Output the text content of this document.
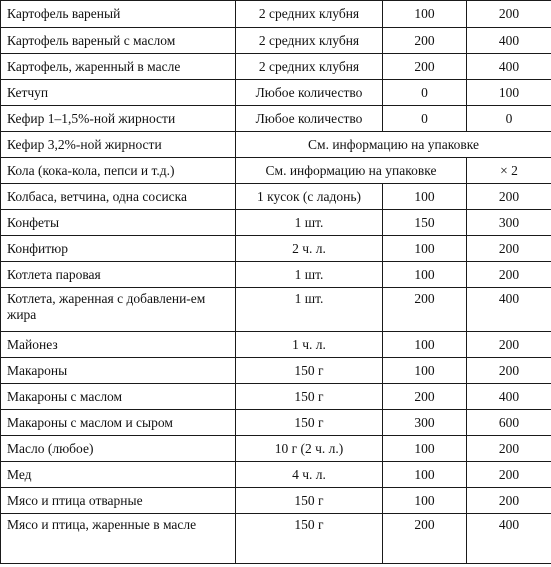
Картофель вареный	2 средних клубня	100	200
Картофель вареный с маслом	2 средних клубня	200	400
Картофель, жаренный в масле	2 средних клубня	200	400
Кетчуп	Любое количество	0	100
Кефир 1–1,5%-ной жирности	Любое количество	0	0
Кефир 3,2%-ной жирности	См. информацию на упаковке		
Кола (кока-кола, пепси и т.д.)	См. информацию на упаковке		× 2
Колбаса, ветчина, одна сосиска	1 кусок (с ладонь)	100	200
Конфеты	1 шт.	150	300
Конфитюр	2 ч. л.	100	200
Котлета паровая	1 шт.	100	200
Котлета, жаренная с добавлени-ем жира	1 шт.	200	400
Майонез	1 ч. л.	100	200
Макароны	150 г	100	200
Макароны с маслом	150 г	200	400
Макароны с маслом и сыром	150 г	300	600
Масло (любое)	10 г (2 ч. л.)	100	200
Мед	4 ч. л.	100	200
Мясо и птица отварные	150 г	100	200
Мясо и птица, жаренные в масле	150 г	200	400
